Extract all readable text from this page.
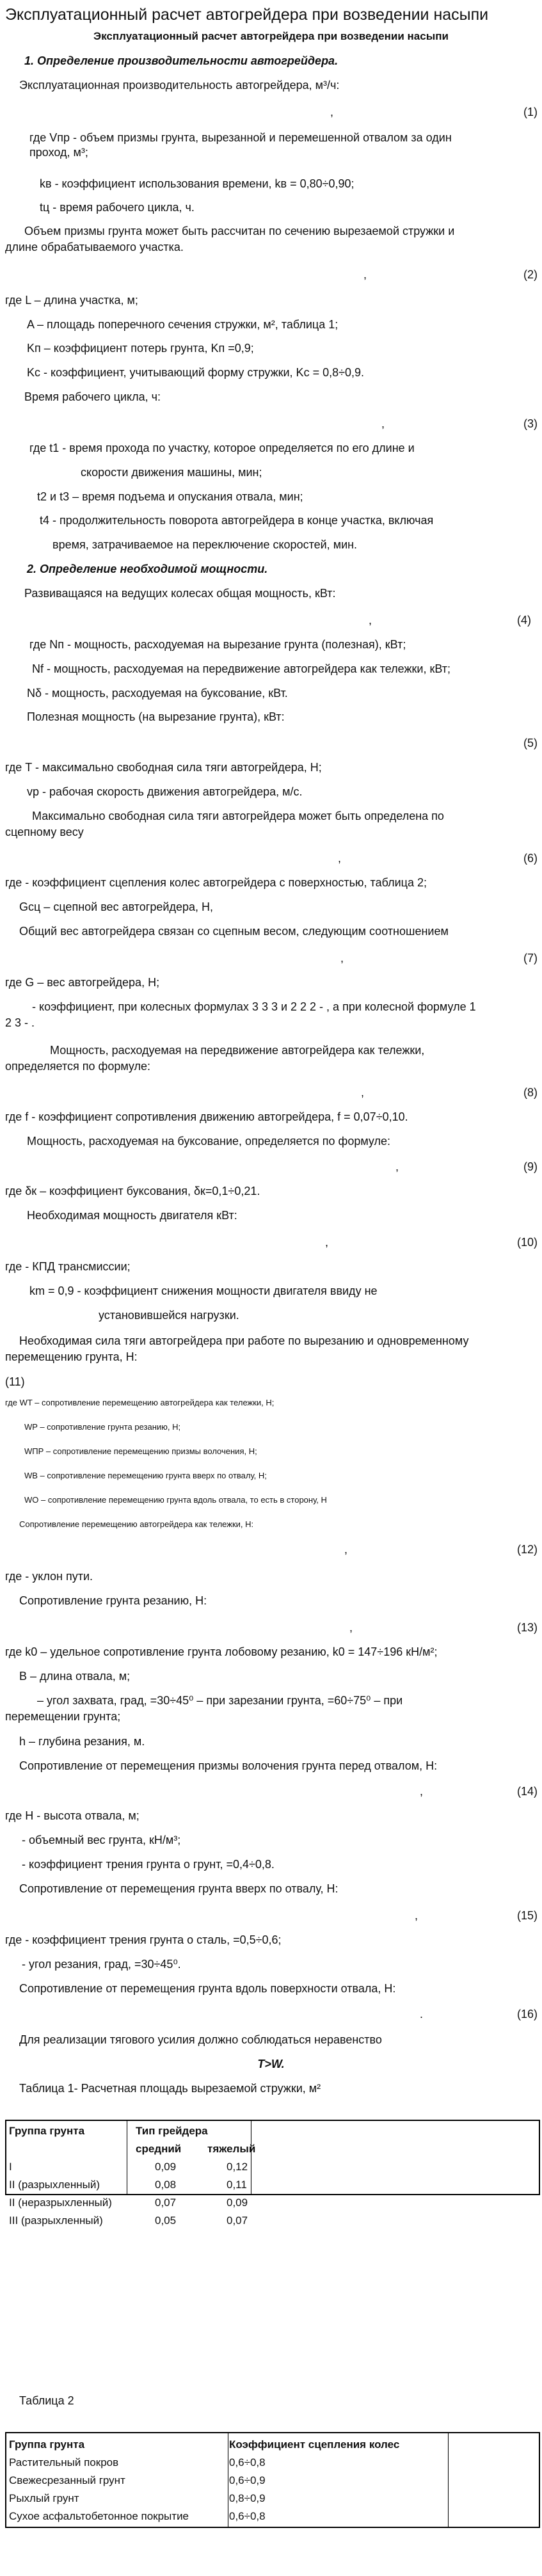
Эксплуатационный расчет автогрейдера при возведении насыпи
Эксплуатационный расчет автогрейдера при возведении насыпи
1. Определение производительности автогрейдера.
Эксплуатационная производительность автогрейдера, м³/ч:
,	(1)
где Vпр - объем призмы грунта, вырезанной и перемешенной отвалом за один
проход, м³;
kв - коэффициент использования времени, kв = 0,80÷0,90;
tц - время рабочего цикла, ч.
Объем призмы грунта может быть рассчитан по сечению вырезаемой стружки и
длине обрабатываемого участка.
,	(2)
где L – длина участка, м;
A – площадь поперечного сечения стружки, м², таблица 1;
Kп – коэффициент потерь грунта, Kп =0,9;
Kс - коэффициент, учитывающий форму стружки, Kс = 0,8÷0,9.
Время рабочего цикла, ч:
,	(3)
где t1 - время прохода по участку, которое определяется по его длине и
скорости движения машины, мин;
t2 и t3 – время подъема и опускания отвала, мин;
t4 - продолжительность поворота автогрейдера в конце участка, включая
время, затрачиваемое на переключение скоростей, мин.
2. Определение необходимой мощности.
Развиващаяся на ведущих колесах общая мощность, кВт:
,	(4)
где Nп - мощность, расходуемая на вырезание грунта (полезная), кВт;
Nf - мощность, расходуемая на передвижение автогрейдера как тележки, кВт;
Nδ - мощность, расходуемая на буксование, кВт.
Полезная мощность (на вырезание грунта), кВт:
(5)
где T - максимально свободная сила тяги автогрейдера, H;
vр - рабочая скорость движения автогрейдера, м/с.
Максимально свободная сила тяги автогрейдера может быть определена по
сцепному весу
,	(6)
где - коэффициент сцепления колес автогрейдера с поверхностью, таблица 2;
Gсц – сцепной вес автогрейдера, H,
Общий вес автогрейдера связан со сцепным весом, следующим соотношением
,	(7)
где G – вес автогрейдера, H;
- коэффициент, при колесных формулах 3 3 3 и 2 2 2 - , а при колесной формуле 1
2 3 - .
Мощность, расходуемая на передвижение автогрейдера как тележки,
определяется по формуле:
,	(8)
где f - коэффициент сопротивления движению автогрейдера, f = 0,07÷0,10.
Мощность, расходуемая на буксование, определяется по формуле:
,	(9)
где δк – коэффициент буксования, δк=0,1÷0,21.
Необходимая мощность двигателя кВт:
,	(10)
где - КПД трансмиссии;
km = 0,9 - коэффициент снижения мощности двигателя ввиду не
установившейся нагрузки.
Необходимая сила тяги автогрейдера при работе по вырезанию и одновременному
перемещению грунта, H:
(11)
где WT – сопротивление перемещению автогрейдера как тележки, Н;
WP – сопротивление грунта резанию, Н;
WПР – сопротивление перемещению призмы волочения, Н;
WB – сопротивление перемещению грунта вверх по отвалу, Н;
WO – сопротивление перемещению грунта вдоль отвала, то есть в сторону, Н
Сопротивление перемещению автогрейдера как тележки, Н:
,	(12)
где - уклон пути.
Сопротивление грунта резанию, Н:
,	(13)
где k0 – удельное сопротивление грунта лобовому резанию, k0 = 147÷196 кН/м²;
B – длина отвала, м;
– угол захвата, град, =30÷45⁰ – при зарезании грунта, =60÷75⁰ – при
перемещении грунта;
h – глубина резания, м.
Сопротивление от перемещения призмы волочения грунта перед отвалом, Н:
,	(14)
где H - высота отвала, м;
- объемный вес грунта, кН/м³;
- коэффициент трения грунта о грунт, =0,4÷0,8.
Сопротивление от перемещения грунта вверх по отвалу, Н:
,	(15)
где - коэффициент трения грунта о сталь, =0,5÷0,6;
- угол резания, град, =30÷45⁰.
Сопротивление от перемещения грунта вдоль поверхности отвала, Н:
.	(16)
Для реализации тягового усилия должно соблюдаться неравенство
T>W.
Таблица 1- Расчетная площадь вырезаемой стружки, м²
Группа грунта	Тип грейдера	
	средний	тяжелый
I	0,09	0,12
II (разрыхленный)	0,08	0,11
II (неразрыхленный)	0,07	0,09
III (разрыхленный)	0,05	0,07
Таблица 2
Группа грунта	Коэффициент сцепления колес
Растительный покров	0,6÷0,8
Свежесрезанный грунт	0,6÷0,9
Рыхлый грунт	0,8÷0,9
Сухое асфальтобетонное покрытие	0,6÷0,8
